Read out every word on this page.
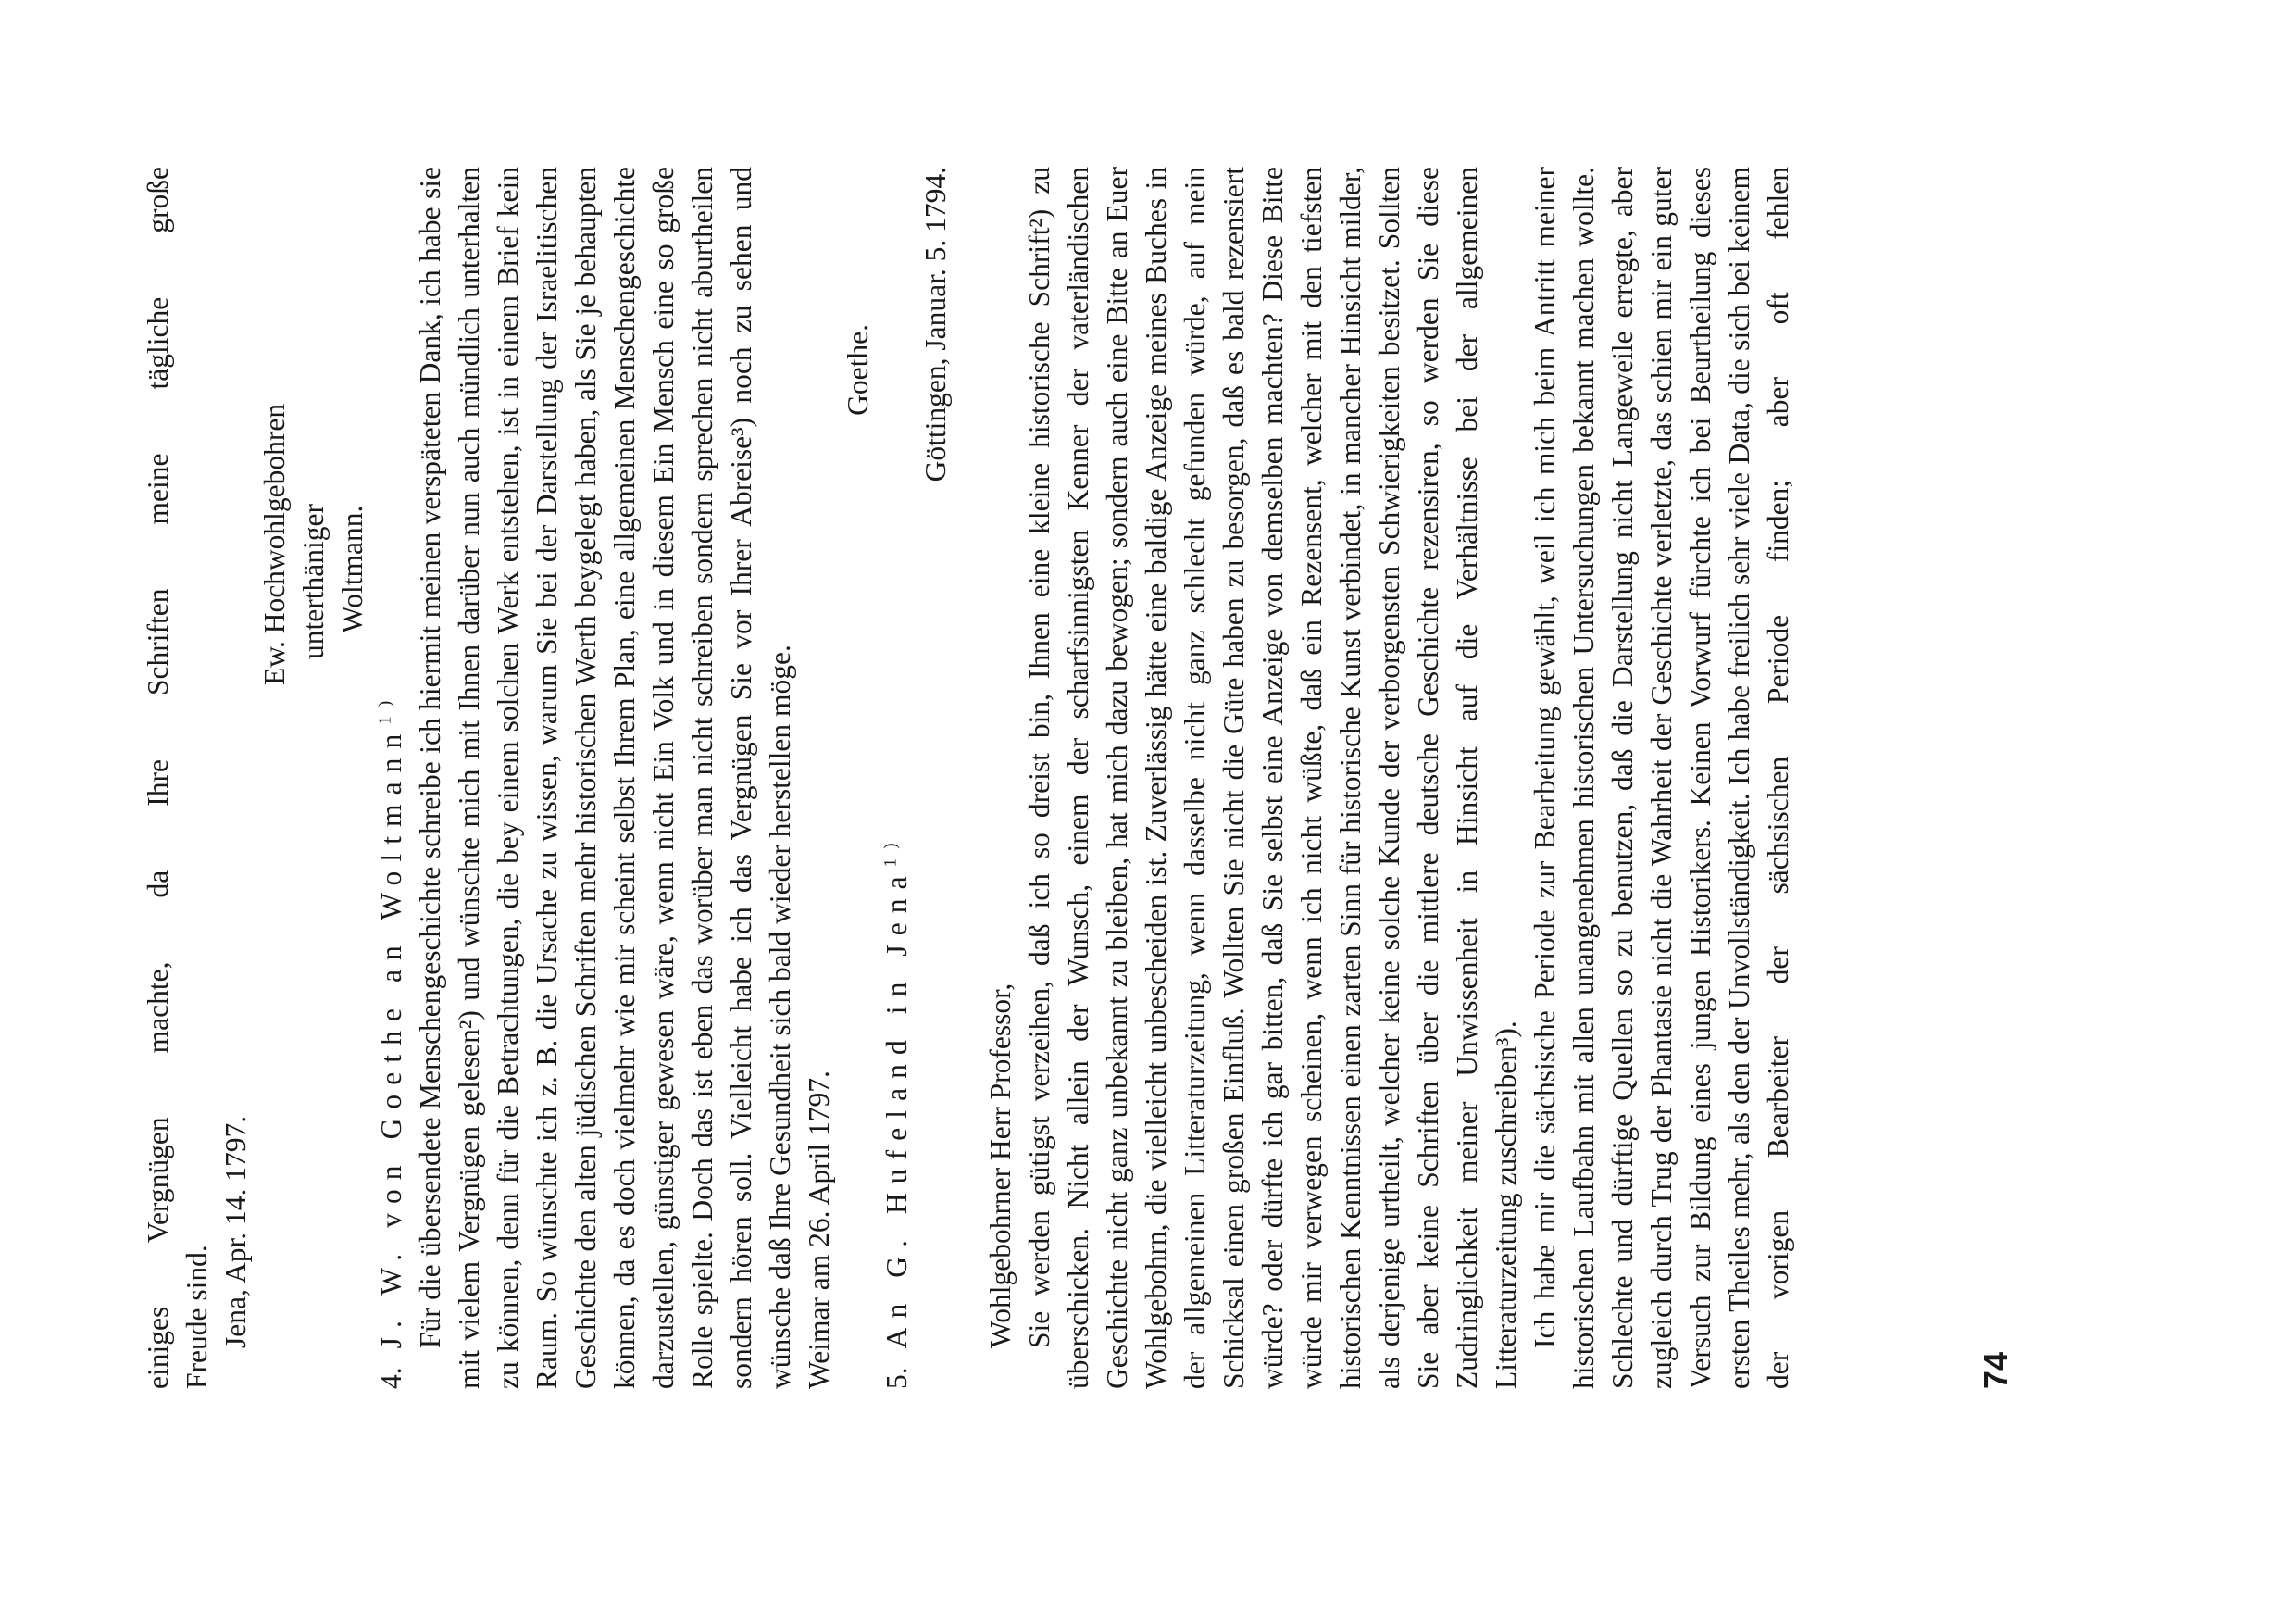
einiges Vergnügen machte, da Ihre Schriften meine tägliche große Freude sind. Jena, Apr. 14. 1797.

Ew. Hochwohlgebohren unterthäniger Woltmann.

4.J. W. von Goethe an Woltmann$^{1)}$ Für die übersendete Menschengeschichte schreibe ich hiermit meinen verspäteten Dank, ich habe sie mit vielem Vergnügen gelesen²) und wünschte mich mit Ihnen darüber nun auch mündlich unterhalten zu können, denn für die Betrachtungen, die bey einem solchen Werk entstehen, ist in einem Brief kein Raum. So wünschte ich z. B. die Ursache zu wissen, warum Sie bei der Darstellung der Israelitischen Geschichte den alten jüdischen Schriften mehr historischen Werth beygelegt haben, als Sie je behaupten können, da es doch vielmehr wie mir scheint selbst Ihrem Plan, eine allgemeinen Menschengeschichte darzustellen, günstiger gewesen wäre, wenn nicht Ein Volk und in diesem Ein Mensch eine so große Rolle spielte. Doch das ist eben das worüber man nicht schreiben sondern sprechen nicht aburtheilen sondern hören soll. Vielleicht habe ich das Vergnügen Sie vor Ihrer Abreise³) noch zu sehen und wünsche daß Ihre Gesundheit sich bald wieder herstellen möge. Weimar am 26. April 1797.

Goethe.

5.An G. Hufeland in Jena$^{1)}$

Göttingen, Januar. 5. 1794.

Wohlgebohrner Herr Professor, Sie werden gütigst verzeihen, daß ich so dreist bin, Ihnen eine kleine historische Schrift²) zu überschicken. Nicht allein der Wunsch, einem der scharfsinnigsten Kenner der vaterländischen Geschichte nicht ganz unbekannt zu bleiben, hat mich dazu bewogen; sondern auch eine Bitte an Euer Wohlgebohrn, die vielleicht unbescheiden ist. Zuverlässig hätte eine baldige Anzeige meines Buches in der allgemeinen Litteraturzeitung, wenn dasselbe nicht ganz schlecht gefunden würde, auf mein Schicksal einen großen Einfluß. Wollten Sie nicht die Güte haben zu besorgen, daß es bald rezensiert würde? oder dürfte ich gar bitten, daß Sie selbst eine Anzeige von demselben machten? Diese Bitte würde mir verwegen scheinen, wenn ich nicht wüßte, daß ein Rezensent, welcher mit den tiefsten historischen Kenntnissen einen zarten Sinn für historische Kunst verbindet, in mancher Hinsicht milder, als derjenige urtheilt, welcher keine solche Kunde der verborgensten Schwierigkeiten besitzet. Sollten Sie aber keine Schriften über die mittlere deutsche Geschichte rezensiren, so werden Sie diese Zudringlichkeit meiner Unwissenheit in Hinsicht auf die Verhältnisse bei der allgemeinen Litteraturzeitung zuschreiben³). Ich habe mir die sächsische Periode zur Bearbeitung gewählt, weil ich mich beim Antritt meiner historischen Laufbahn mit allen unangenehmen historischen Untersuchungen bekannt machen wollte. Schlechte und dürftige Quellen so zu benutzen, daß die Darstellung nicht Langeweile erregte, aber zugleich durch Trug der Phantasie nicht die Wahrheit der Geschichte verletzte, das schien mir ein guter Versuch zur Bildung eines jungen Historikers. Keinen Vorwurf fürchte ich bei Beurtheilung dieses ersten Theiles mehr, als den der Unvollständigkeit. Ich habe freilich sehr viele Data, die sich bei keinem der vorigen Bearbeiter der sächsischen Periode finden; aber oft fehlen	74
